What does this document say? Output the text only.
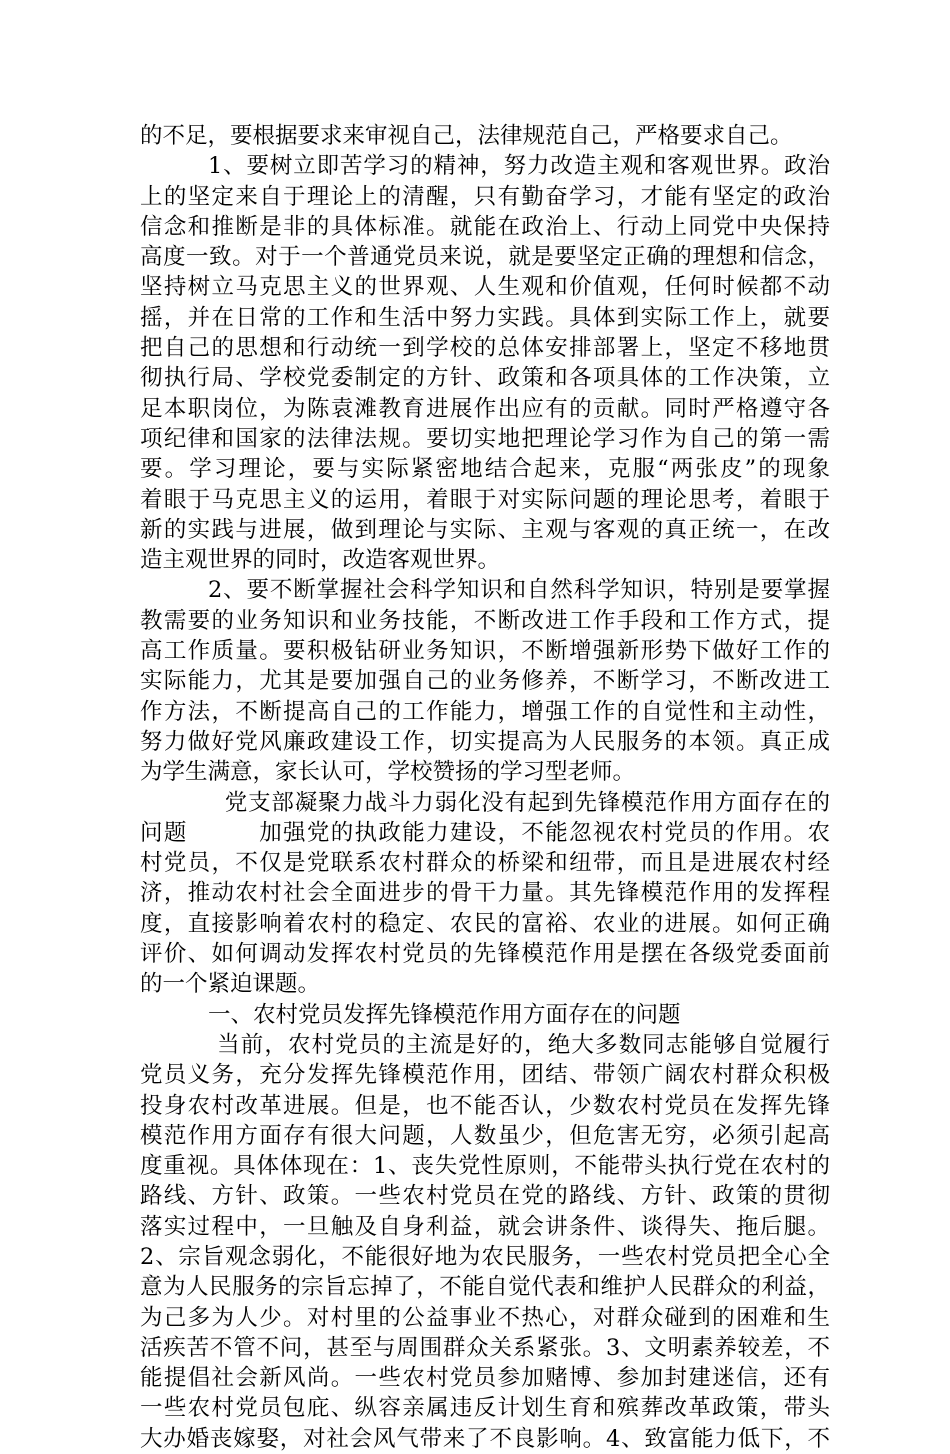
的不足，要根据要求来审视自己，法律规范自己，严格要求自己。
1、要树立即苦学习的精神，努力改造主观和客观世界。政治
上的坚定来自于理论上的清醒，只有勤奋学习，才能有坚定的政治
信念和推断是非的具体标准。就能在政治上、行动上同党中央保持
高度一致。对于一个普通党员来说，就是要坚定正确的理想和信念，
坚持树立马克思主义的世界观、人生观和价值观，任何时候都不动
摇，并在日常的工作和生活中努力实践。具体到实际工作上，就要
把自己的思想和行动统一到学校的总体安排部署上，坚定不移地贯
彻执行局、学校党委制定的方针、政策和各项具体的工作决策，立
足本职岗位，为陈袁滩教育进展作出应有的贡献。同时严格遵守各
项纪律和国家的法律法规。要切实地把理论学习作为自己的第一需
要。学习理论，要与实际紧密地结合起来，克服“两张皮”的现象
着眼于马克思主义的运用，着眼于对实际问题的理论思考，着眼于
新的实践与进展，做到理论与实际、主观与客观的真正统一，在改
造主观世界的同时，改造客观世界。
2、要不断掌握社会科学知识和自然科学知识，特别是要掌握
教需要的业务知识和业务技能，不断改进工作手段和工作方式，提
高工作质量。要积极钻研业务知识，不断增强新形势下做好工作的
实际能力，尤其是要加强自己的业务修养，不断学习，不断改进工
作方法，不断提高自己的工作能力，增强工作的自觉性和主动性，
努力做好党风廉政建设工作，切实提高为人民服务的本领。真正成
为学生满意，家长认可，学校赞扬的学习型老师。
党支部凝聚力战斗力弱化没有起到先锋模范作用方面存在的
问题　　　加强党的执政能力建设，不能忽视农村党员的作用。农
村党员，不仅是党联系农村群众的桥梁和纽带，而且是进展农村经
济，推动农村社会全面进步的骨干力量。其先锋模范作用的发挥程
度，直接影响着农村的稳定、农民的富裕、农业的进展。如何正确
评价、如何调动发挥农村党员的先锋模范作用是摆在各级党委面前
的一个紧迫课题。
一、农村党员发挥先锋模范作用方面存在的问题
当前，农村党员的主流是好的，绝大多数同志能够自觉履行
党员义务，充分发挥先锋模范作用，团结、带领广阔农村群众积极
投身农村改革进展。但是，也不能否认，少数农村党员在发挥先锋
模范作用方面存有很大问题，人数虽少，但危害无穷，必须引起高
度重视。具体体现在：1、丧失党性原则，不能带头执行党在农村的
路线、方针、政策。一些农村党员在党的路线、方针、政策的贯彻
落实过程中，一旦触及自身利益，就会讲条件、谈得失、拖后腿。
2、宗旨观念弱化，不能很好地为农民服务，一些农村党员把全心全
意为人民服务的宗旨忘掉了，不能自觉代表和维护人民群众的利益，
为己多为人少。对村里的公益事业不热心，对群众碰到的困难和生
活疾苦不管不问，甚至与周围群众关系紧张。3、文明素养较差，不
能提倡社会新风尚。一些农村党员参加赌博、参加封建迷信，还有
一些农村党员包庇、纵容亲属违反计划生育和殡葬改革政策，带头
大办婚丧嫁娶，对社会风气带来了不良影响。4、致富能力低下，不
